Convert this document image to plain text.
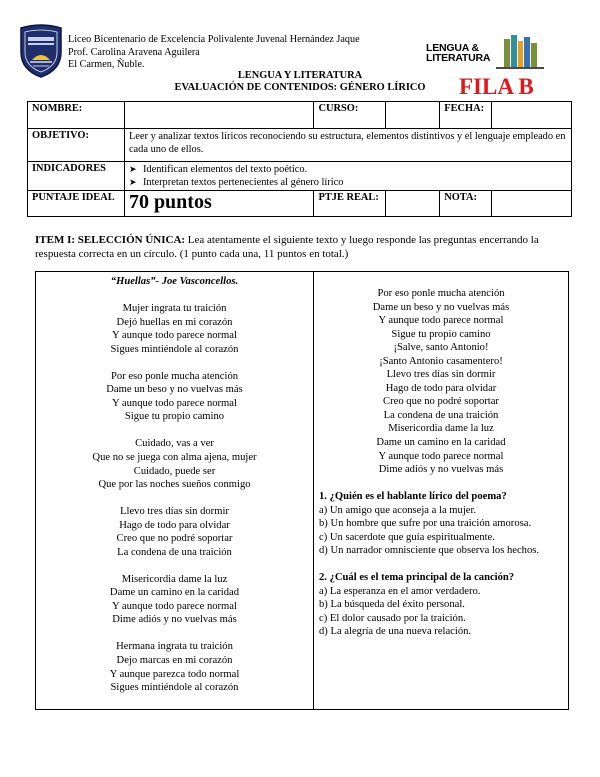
Liceo Bicentenario de Excelencia Polivalente Juvenal Hernández Jaque
Prof. Carolina Aravena Aguilera
El Carmen, Ñuble.
LENGUA &
LITERATURA
LENGUA Y LITERATURA
EVALUACIÓN DE CONTENIDOS: GÉNERO LÍRICO	FILA B
NOMBRE:		CURSO:		FECHA:	
OBJETIVO:	Leer y analizar textos líricos reconociendo su estructura, elementos distintivos y el lenguaje empleado en cada uno de ellos.				
INDICADORES	➤ Identifican elementos del texto poético.
➤ Interpretan textos pertenecientes al género lírico				

PUNTAJE IDEAL	70 puntos	PTJE REAL:		NOTA:	
ITEM I: SELECCIÓN ÚNICA: Lea atentamente el siguiente texto y luego responde las preguntas encerrando la respuesta correcta en un círculo. (1 punto cada una, 11 puntos en total.)
“Huellas”- Joe Vasconcellos.
Mujer ingrata tu traición
Dejó huellas en mi corazón
Y aunque todo parece normal
Sigues mintiéndole al corazón
Por eso ponle mucha atención
Dame un beso y no vuelvas más
Y aunque todo parece normal
Sigue tu propio camino
Cuidado, vas a ver
Que no se juega con alma ajena, mujer
Cuidado, puede ser
Que por las noches sueños conmigo
Llevo tres días sin dormir
Hago de todo para olvidar
Creo que no podré soportar
La condena de una traición
Misericordia dame la luz
Dame un camino en la caridad
Y aunque todo parece normal
Dime adiós y no vuelvas más
Hermana ingrata tu traición
Dejo marcas en mi corazón
Y aunque parezca todo normal
Sigues mintiéndole al corazón
Por eso ponle mucha atención
Dame un beso y no vuelvas más
Y aunque todo parece normal
Sigue tu propio camino
¡Salve, santo Antonio!
¡Santo Antonio casamentero!
Llevo tres días sin dormir
Hago de todo para olvidar
Creo que no podré soportar
La condena de una traición
Misericordia dame la luz
Dame un camino en la caridad
Y aunque todo parece normal
Dime adiós y no vuelvas más
1. ¿Quién es el hablante lírico del poema?
a) Un amigo que aconseja a la mujer.
b) Un hombre que sufre por una traición amorosa.
c) Un sacerdote que guía espiritualmente.
d) Un narrador omnisciente que observa los hechos.
2. ¿Cuál es el tema principal de la canción?
a) La esperanza en el amor verdadero.
b) La búsqueda del éxito personal.
c) El dolor causado por la traición.
d) La alegría de una nueva relación.
